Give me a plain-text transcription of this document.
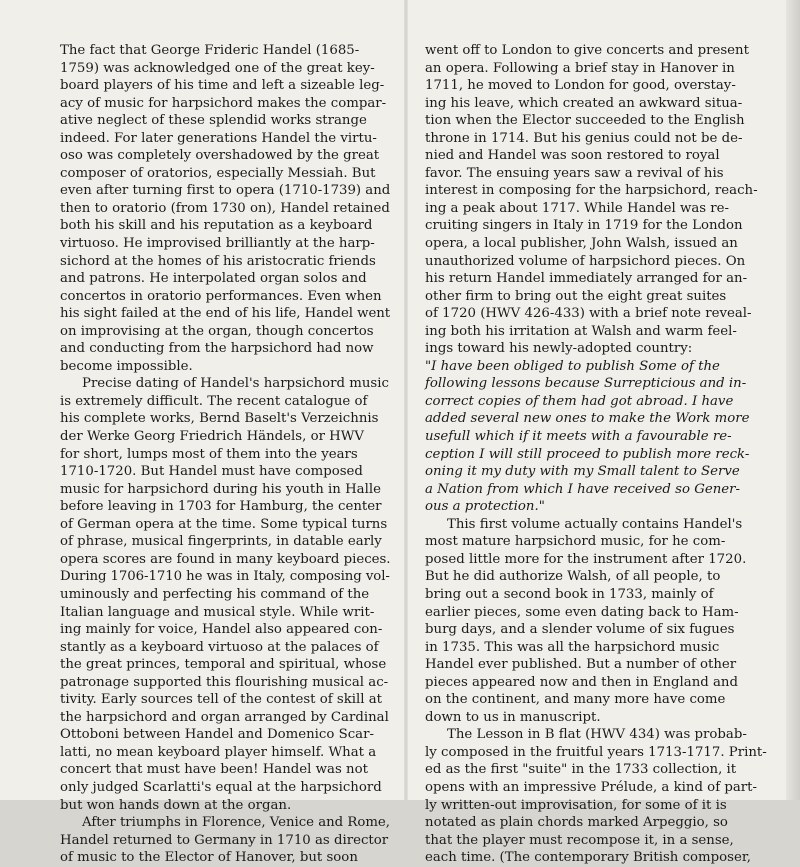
The fact that George Frideric Handel (1685-
1759) was acknowledged one of the great key-
board players of his time and left a sizeable leg-
acy of music for harpsichord makes the compar-
ative neglect of these splendid works strange
indeed. For later generations Handel the virtu-
oso was completely overshadowed by the great
composer of oratorios, especially Messiah. But
even after turning first to opera (1710-1739) and
then to oratorio (from 1730 on), Handel retained
both his skill and his reputation as a keyboard
virtuoso. He improvised brilliantly at the harp-
sichord at the homes of his aristocratic friends
and patrons. He interpolated organ solos and
concertos in oratorio performances. Even when
his sight failed at the end of his life, Handel went
on improvising at the organ, though concertos
and conducting from the harpsichord had now
become impossible.
Precise dating of Handel's harpsichord music
is extremely difficult. The recent catalogue of
his complete works, Bernd Baselt's Verzeichnis
der Werke Georg Friedrich Händels, or HWV
for short, lumps most of them into the years
1710-1720. But Handel must have composed
music for harpsichord during his youth in Halle
before leaving in 1703 for Hamburg, the center
of German opera at the time. Some typical turns
of phrase, musical fingerprints, in datable early
opera scores are found in many keyboard pieces.
During 1706-1710 he was in Italy, composing vol-
uminously and perfecting his command of the
Italian language and musical style. While writ-
ing mainly for voice, Handel also appeared con-
stantly as a keyboard virtuoso at the palaces of
the great princes, temporal and spiritual, whose
patronage supported this flourishing musical ac-
tivity. Early sources tell of the contest of skill at
the harpsichord and organ arranged by Cardinal
Ottoboni between Handel and Domenico Scar-
latti, no mean keyboard player himself. What a
concert that must have been! Handel was not
only judged Scarlatti's equal at the harpsichord
but won hands down at the organ.
After triumphs in Florence, Venice and Rome,
Handel returned to Germany in 1710 as director
of music to the Elector of Hanover, but soon
went off to London to give concerts and present
an opera. Following a brief stay in Hanover in
1711, he moved to London for good, overstay-
ing his leave, which created an awkward situa-
tion when the Elector succeeded to the English
throne in 1714. But his genius could not be de-
nied and Handel was soon restored to royal
favor. The ensuing years saw a revival of his
interest in composing for the harpsichord, reach-
ing a peak about 1717. While Handel was re-
cruiting singers in Italy in 1719 for the London
opera, a local publisher, John Walsh, issued an
unauthorized volume of harpsichord pieces. On
his return Handel immediately arranged for an-
other firm to bring out the eight great suites
of 1720 (HWV 426-433) with a brief note reveal-
ing both his irritation at Walsh and warm feel-
ings toward his newly-adopted country:
"I have been obliged to publish Some of the
following lessons because Surrepticious and in-
correct copies of them had got abroad. I have
added several new ones to make the Work more
usefull which if it meets with a favourable re-
ception I will still proceed to publish more reck-
oning it my duty with my Small talent to Serve
a Nation from which I have received so Gener-
ous a protection."
This first volume actually contains Handel's
most mature harpsichord music, for he com-
posed little more for the instrument after 1720.
But he did authorize Walsh, of all people, to
bring out a second book in 1733, mainly of
earlier pieces, some even dating back to Ham-
burg days, and a slender volume of six fugues
in 1735. This was all the harpsichord music
Handel ever published. But a number of other
pieces appeared now and then in England and
on the continent, and many more have come
down to us in manuscript.
The Lesson in B flat (HWV 434) was probab-
ly composed in the fruitful years 1713-1717. Print-
ed as the first "suite" in the 1733 collection, it
opens with an impressive Prélude, a kind of part-
ly written-out improvisation, for some of it is
notated as plain chords marked Arpeggio, so
that the player must recompose it, in a sense,
each time. (The contemporary British composer,
